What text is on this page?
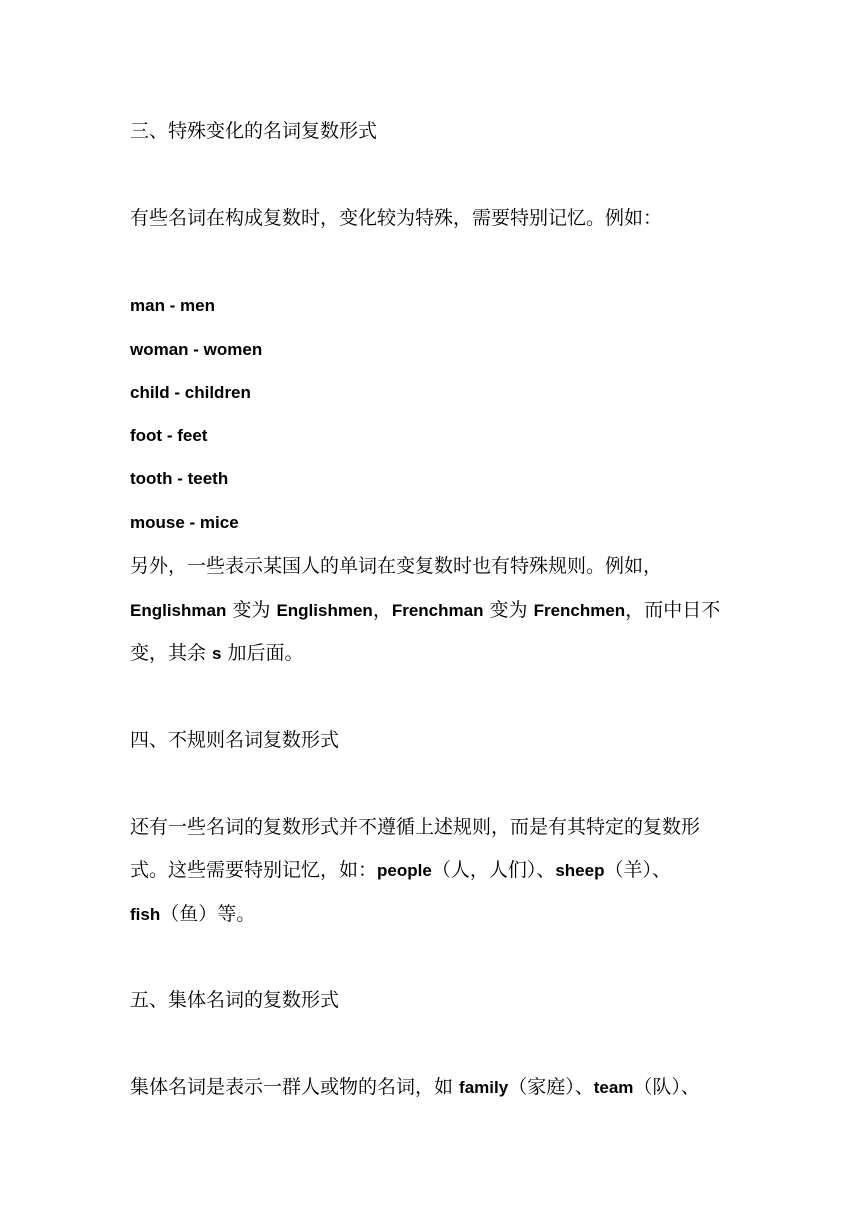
三、特殊变化的名词复数形式
有些名词在构成复数时，变化较为特殊，需要特别记忆。例如：
man - men
woman - women
child - children
foot - feet
tooth - teeth
mouse - mice
另外，一些表示某国人的单词在变复数时也有特殊规则。例如，
Englishman 变为 Englishmen，Frenchman 变为 Frenchmen，而中日不
变，其余 s 加后面。
四、不规则名词复数形式
还有一些名词的复数形式并不遵循上述规则，而是有其特定的复数形
式。这些需要特别记忆，如：people（人，人们）、sheep（羊）、
fish（鱼）等。
五、集体名词的复数形式
集体名词是表示一群人或物的名词，如 family（家庭）、team（队）、
